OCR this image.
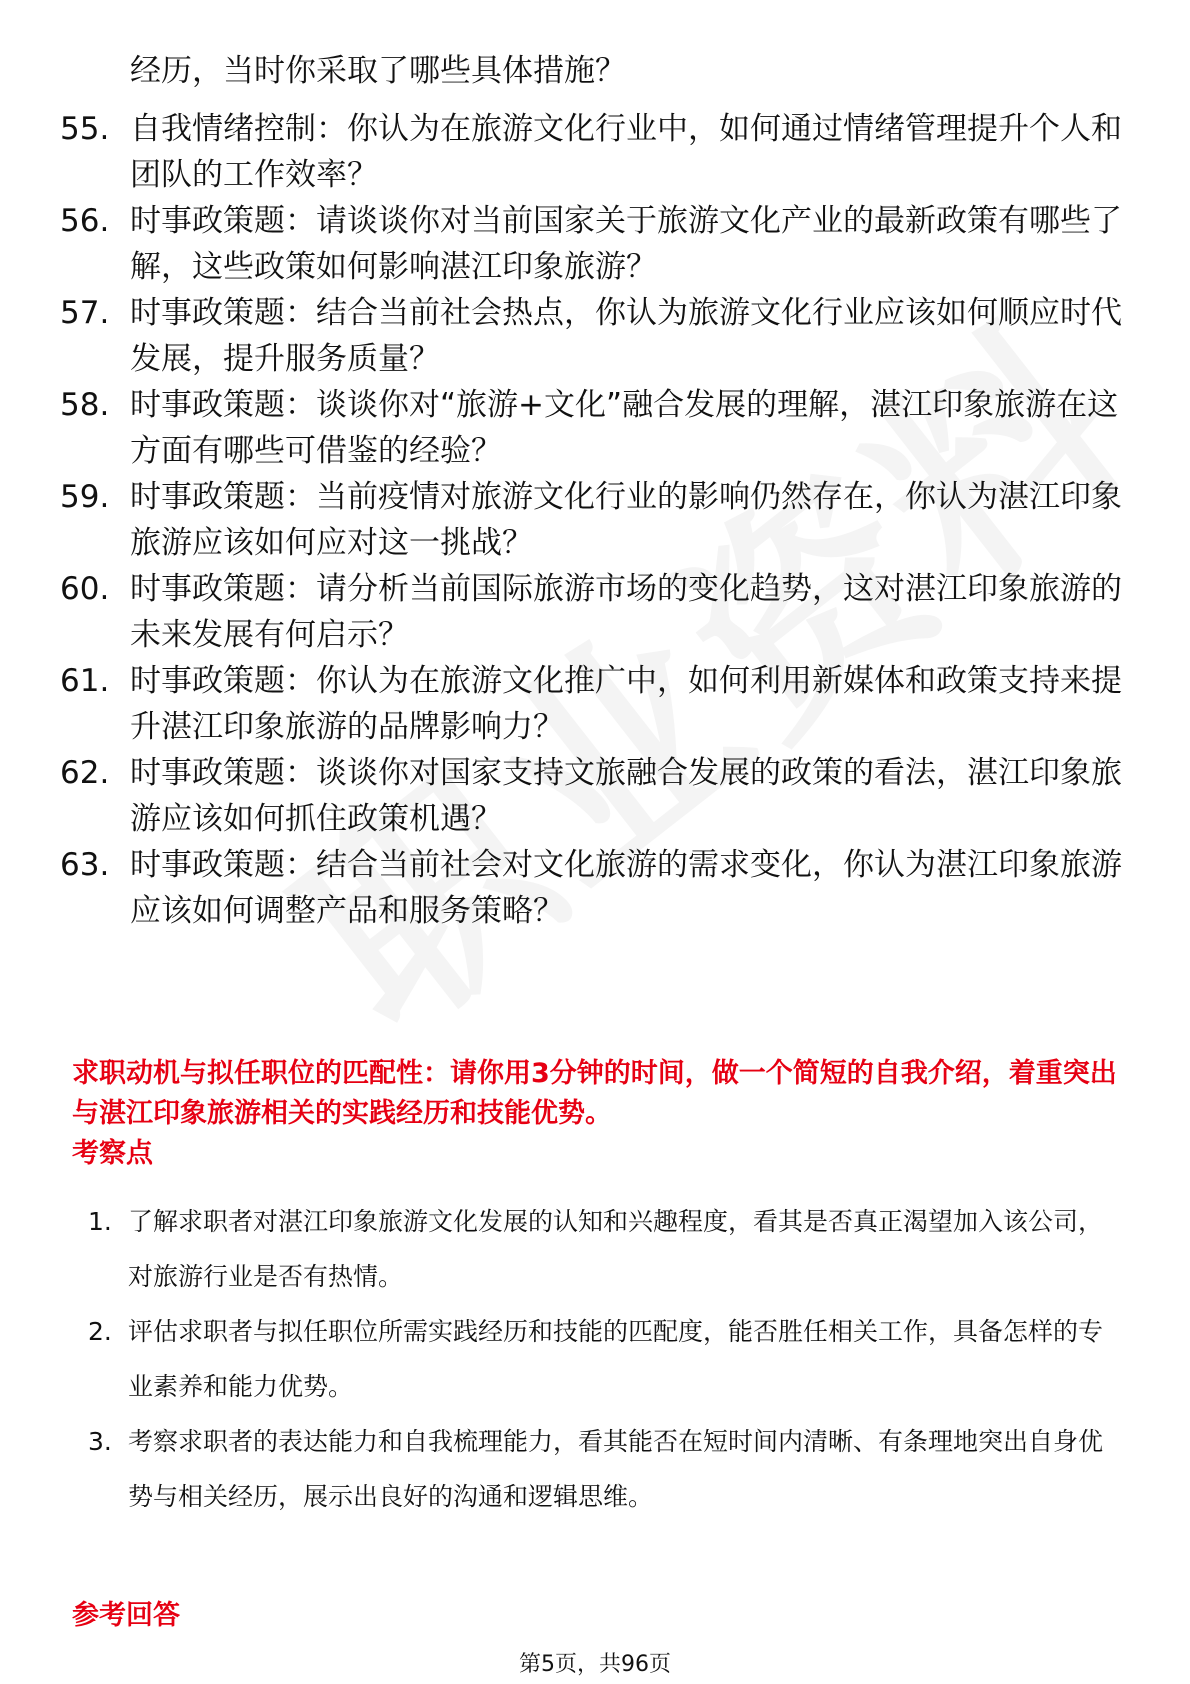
经历，当时你采取了哪些具体措施？
55. 自我情绪控制：你认为在旅游文化行业中，如何通过情绪管理提升个人和团队的工作效率？
56. 时事政策题：请谈谈你对当前国家关于旅游文化产业的最新政策有哪些了解，这些政策如何影响湛江印象旅游？
57. 时事政策题：结合当前社会热点，你认为旅游文化行业应该如何顺应时代发展，提升服务质量？
58. 时事政策题：谈谈你对“旅游+文化”融合发展的理解，湛江印象旅游在这方面有哪些可借鉴的经验？
59. 时事政策题：当前疫情对旅游文化行业的影响仍然存在，你认为湛江印象旅游应该如何应对这一挑战？
60. 时事政策题：请分析当前国际旅游市场的变化趋势，这对湛江印象旅游的未来发展有何启示？
61. 时事政策题：你认为在旅游文化推广中，如何利用新媒体和政策支持来提升湛江印象旅游的品牌影响力？
62. 时事政策题：谈谈你对国家支持文旅融合发展的政策的看法，湛江印象旅游应该如何抓住政策机遇？
63. 时事政策题：结合当前社会对文化旅游的需求变化，你认为湛江印象旅游应该如何调整产品和服务策略？
求职动机与拟任职位的匹配性：请你用3分钟的时间，做一个简短的自我介绍，着重突出与湛江印象旅游相关的实践经历和技能优势。
考察点
1. 了解求职者对湛江印象旅游文化发展的认知和兴趣程度，看其是否真正渴望加入该公司，对旅游行业是否有热情。
2. 评估求职者与拟任职位所需实践经历和技能的匹配度，能否胜任相关工作，具备怎样的专业素养和能力优势。
3. 考察求职者的表达能力和自我梳理能力，看其能否在短时间内清晰、有条理地突出自身优势与相关经历，展示出良好的沟通和逻辑思维。
参考回答
第5页，共96页
